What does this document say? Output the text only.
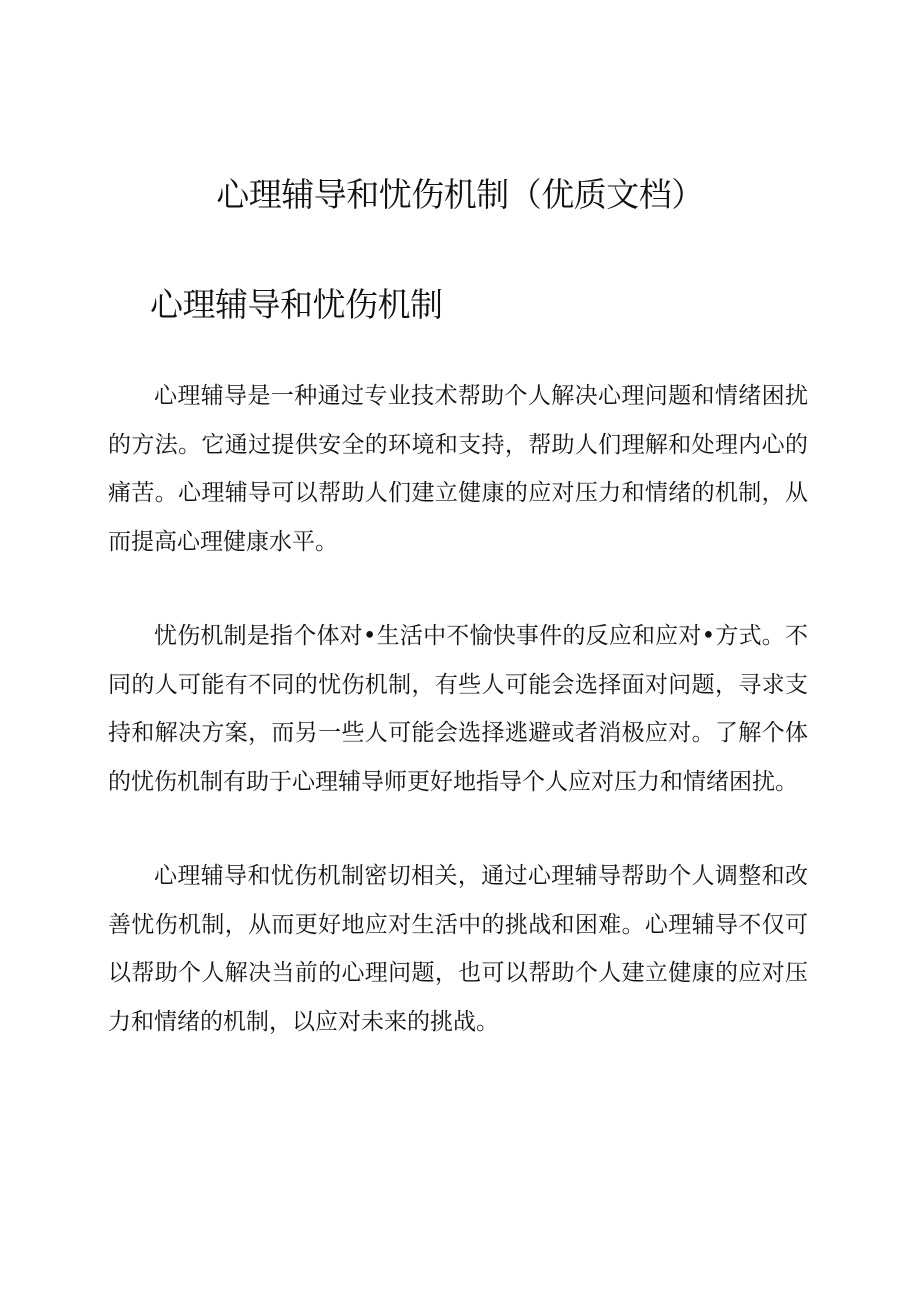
心理辅导和忧伤机制（优质文档）
心理辅导和忧伤机制

心理辅导是一种通过专业技术帮助个人解决心理问题和情绪困扰的方法。它通过提供安全的环境和支持，帮助人们理解和处理内心的痛苦。心理辅导可以帮助人们建立健康的应对压力和情绪的机制，从而提高心理健康水平。

忧伤机制是指个体对•生活中不愉快事件的反应和应对•方式。不同的人可能有不同的忧伤机制，有些人可能会选择面对问题，寻求支持和解决方案，而另一些人可能会选择逃避或者消极应对。了解个体的忧伤机制有助于心理辅导师更好地指导个人应对压力和情绪困扰。

心理辅导和忧伤机制密切相关，通过心理辅导帮助个人调整和改善忧伤机制，从而更好地应对生活中的挑战和困难。心理辅导不仅可以帮助个人解决当前的心理问题，也可以帮助个人建立健康的应对压力和情绪的机制，以应对未来的挑战。
